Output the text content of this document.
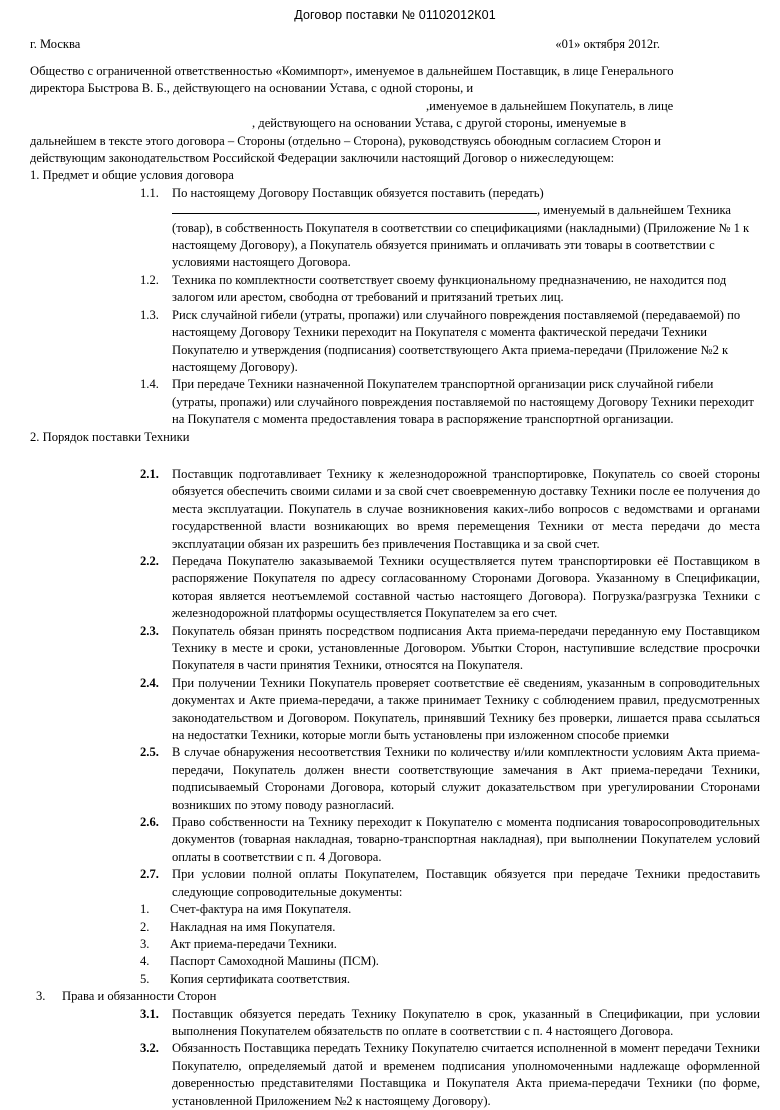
Договор поставки № 01102012К01
г. Москва	«01» октября 2012г.
Общество с ограниченной ответственностью «Комимпорт», именуемое в дальнейшем Поставщик, в лице Генерального
директора Быстрова В. Б., действующего на основании Устава, с одной стороны, и
,именуемое в дальнейшем Покупатель, в лице
, действующего на основании Устава, с другой стороны, именуемые в
дальнейшем в тексте этого договора – Стороны (отдельно – Сторона), руководствуясь обоюдным согласием Сторон и
действующим законодательством Российской Федерации заключили настоящий Договор о нижеследующем:
1. Предмет и общие условия договора
1.1.	По настоящему Договору Поставщик обязуется поставить (передать), именуемый в дальнейшем Техника (товар), в собственность Покупателя в соответствии со спецификациями (накладными) (Приложение № 1 к настоящему Договору), а Покупатель обязуется принимать и оплачивать эти товары в соответствии с условиями настоящего Договора.
1.2.	Техника по комплектности соответствует своему функциональному предназначению, не находится под залогом или арестом, свободна от требований и притязаний третьих лиц.
1.3.	Риск случайной гибели (утраты, пропажи) или случайного повреждения поставляемой (передаваемой) по настоящему Договору Техники переходит на Покупателя с момента фактической передачи Техники Покупателю и утверждения (подписания) соответствующего Акта приема-передачи (Приложение №2 к настоящему Договору).
1.4.	При передаче Техники назначенной Покупателем транспортной организации риск случайной гибели (утраты, пропажи) или случайного повреждения поставляемой по настоящему Договору Техники переходит на Покупателя с момента предоставления товара в распоряжение транспортной организации.
2. Порядок поставки Техники
2.1.	Поставщик подготавливает Технику к железнодорожной транспортировке, Покупатель со своей стороны обязуется обеспечить своими силами и за свой счет своевременную доставку Техники после ее получения до места эксплуатации. Покупатель в случае возникновения каких-либо вопросов с ведомствами и органами государственной власти возникающих во время перемещения Техники от места передачи до места эксплуатации обязан их разрешить без привлечения Поставщика и за свой счет.
2.2.	Передача Покупателю заказываемой Техники осуществляется путем транспортировки её Поставщиком в распоряжение Покупателя по адресу согласованному Сторонами Договора. Указанному в Спецификации, которая является неотъемлемой составной частью настоящего Договора). Погрузка/разгрузка Техники с железнодорожной платформы осуществляется Покупателем за его счет.
2.3.	Покупатель обязан принять посредством подписания Акта приема-передачи переданную ему Поставщиком Технику в месте и сроки, установленные Договором. Убытки Сторон, наступившие вследствие просрочки Покупателя в части принятия Техники, относятся на Покупателя.
2.4.	При получении Техники Покупатель проверяет соответствие её сведениям, указанным в сопроводительных документах и Акте приема-передачи, а также принимает Технику с соблюдением правил, предусмотренных законодательством и Договором. Покупатель, принявший Технику без проверки, лишается права ссылаться на недостатки Техники, которые могли быть установлены при изложенном способе приемки
2.5.	В случае обнаружения несоответствия Техники по количеству и/или комплектности условиям Акта приема-передачи, Покупатель должен внести соответствующие замечания в Акт приема-передачи Техники, подписываемый Сторонами Договора, который служит доказательством при урегулировании Сторонами возникших по этому поводу разногласий.
2.6.	Право собственности на Технику переходит к Покупателю с момента подписания товаросопроводительных документов (товарная накладная, товарно-транспортная накладная), при выполнении Покупателем условий оплаты в соответствии с п. 4 Договора.
2.7.	При условии полной оплаты Покупателем, Поставщик обязуется при передаче Техники предоставить следующие сопроводительные документы:
1.	Счет-фактура на имя Покупателя.
2.	Накладная на имя Покупателя.
3.	Акт приема-передачи Техники.
4.	Паспорт Самоходной Машины (ПСМ).
5.	Копия сертификата соответствия.
3. Права и обязанности Сторон
3.1.	Поставщик обязуется передать Технику Покупателю в срок, указанный в Спецификации, при условии выполнения Покупателем обязательств по оплате в соответствии с п. 4 настоящего Договора.
3.2.	Обязанность Поставщика передать Технику Покупателю считается исполненной в момент передачи Техники Покупателю, определяемый датой и временем подписания уполномоченными надлежаще оформленной доверенностью представителями Поставщика и Покупателя Акта приема-передачи Техники (по форме, установленной Приложением №2 к настоящему Договору).
